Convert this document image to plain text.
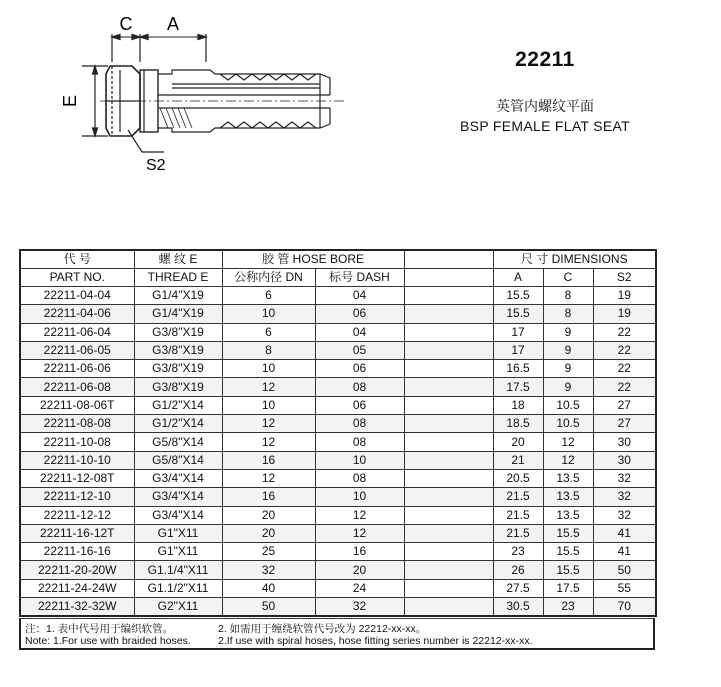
C A
E
S2
22211
英管内螺纹平面
BSP FEMALE FLAT SEAT
代 号	螺 纹 E	胶 管 HOSE BORE			尺 寸 DIMENSIONS		
PART NO.	THREAD E	公称内径 DN	标号 DASH		A	C	S2
22211-04-04	G1/4"X19	6	04		15.5	8	19
22211-04-06	G1/4"X19	10	06		15.5	8	19
22211-06-04	G3/8"X19	6	04		17	9	22
22211-06-05	G3/8"X19	8	05		17	9	22
22211-06-06	G3/8"X19	10	06		16.5	9	22
22211-06-08	G3/8"X19	12	08		17.5	9	22
22211-08-06T	G1/2"X14	10	06		18	10.5	27
22211-08-08	G1/2"X14	12	08		18.5	10.5	27
22211-10-08	G5/8"X14	12	08		20	12	30
22211-10-10	G5/8"X14	16	10		21	12	30
22211-12-08T	G3/4"X14	12	08		20.5	13.5	32
22211-12-10	G3/4"X14	16	10		21.5	13.5	32
22211-12-12	G3/4"X14	20	12		21.5	13.5	32
22211-16-12T	G1"X11	20	12		21.5	15.5	41
22211-16-16	G1"X11	25	16		23	15.5	41
22211-20-20W	G1.1/4"X11	32	20		26	15.5	50
22211-24-24W	G1.1/2"X11	40	24		27.5	17.5	55
22211-32-32W	G2"X11	50	32		30.5	23	70
注：1. 表中代号用于编织软管。	2. 如需用于缠绕软管代号改为 22212-xx-xx。
Note: 1.For use with braided hoses.	2.If use with spiral hoses, hose fitting series number is 22212-xx-xx.
